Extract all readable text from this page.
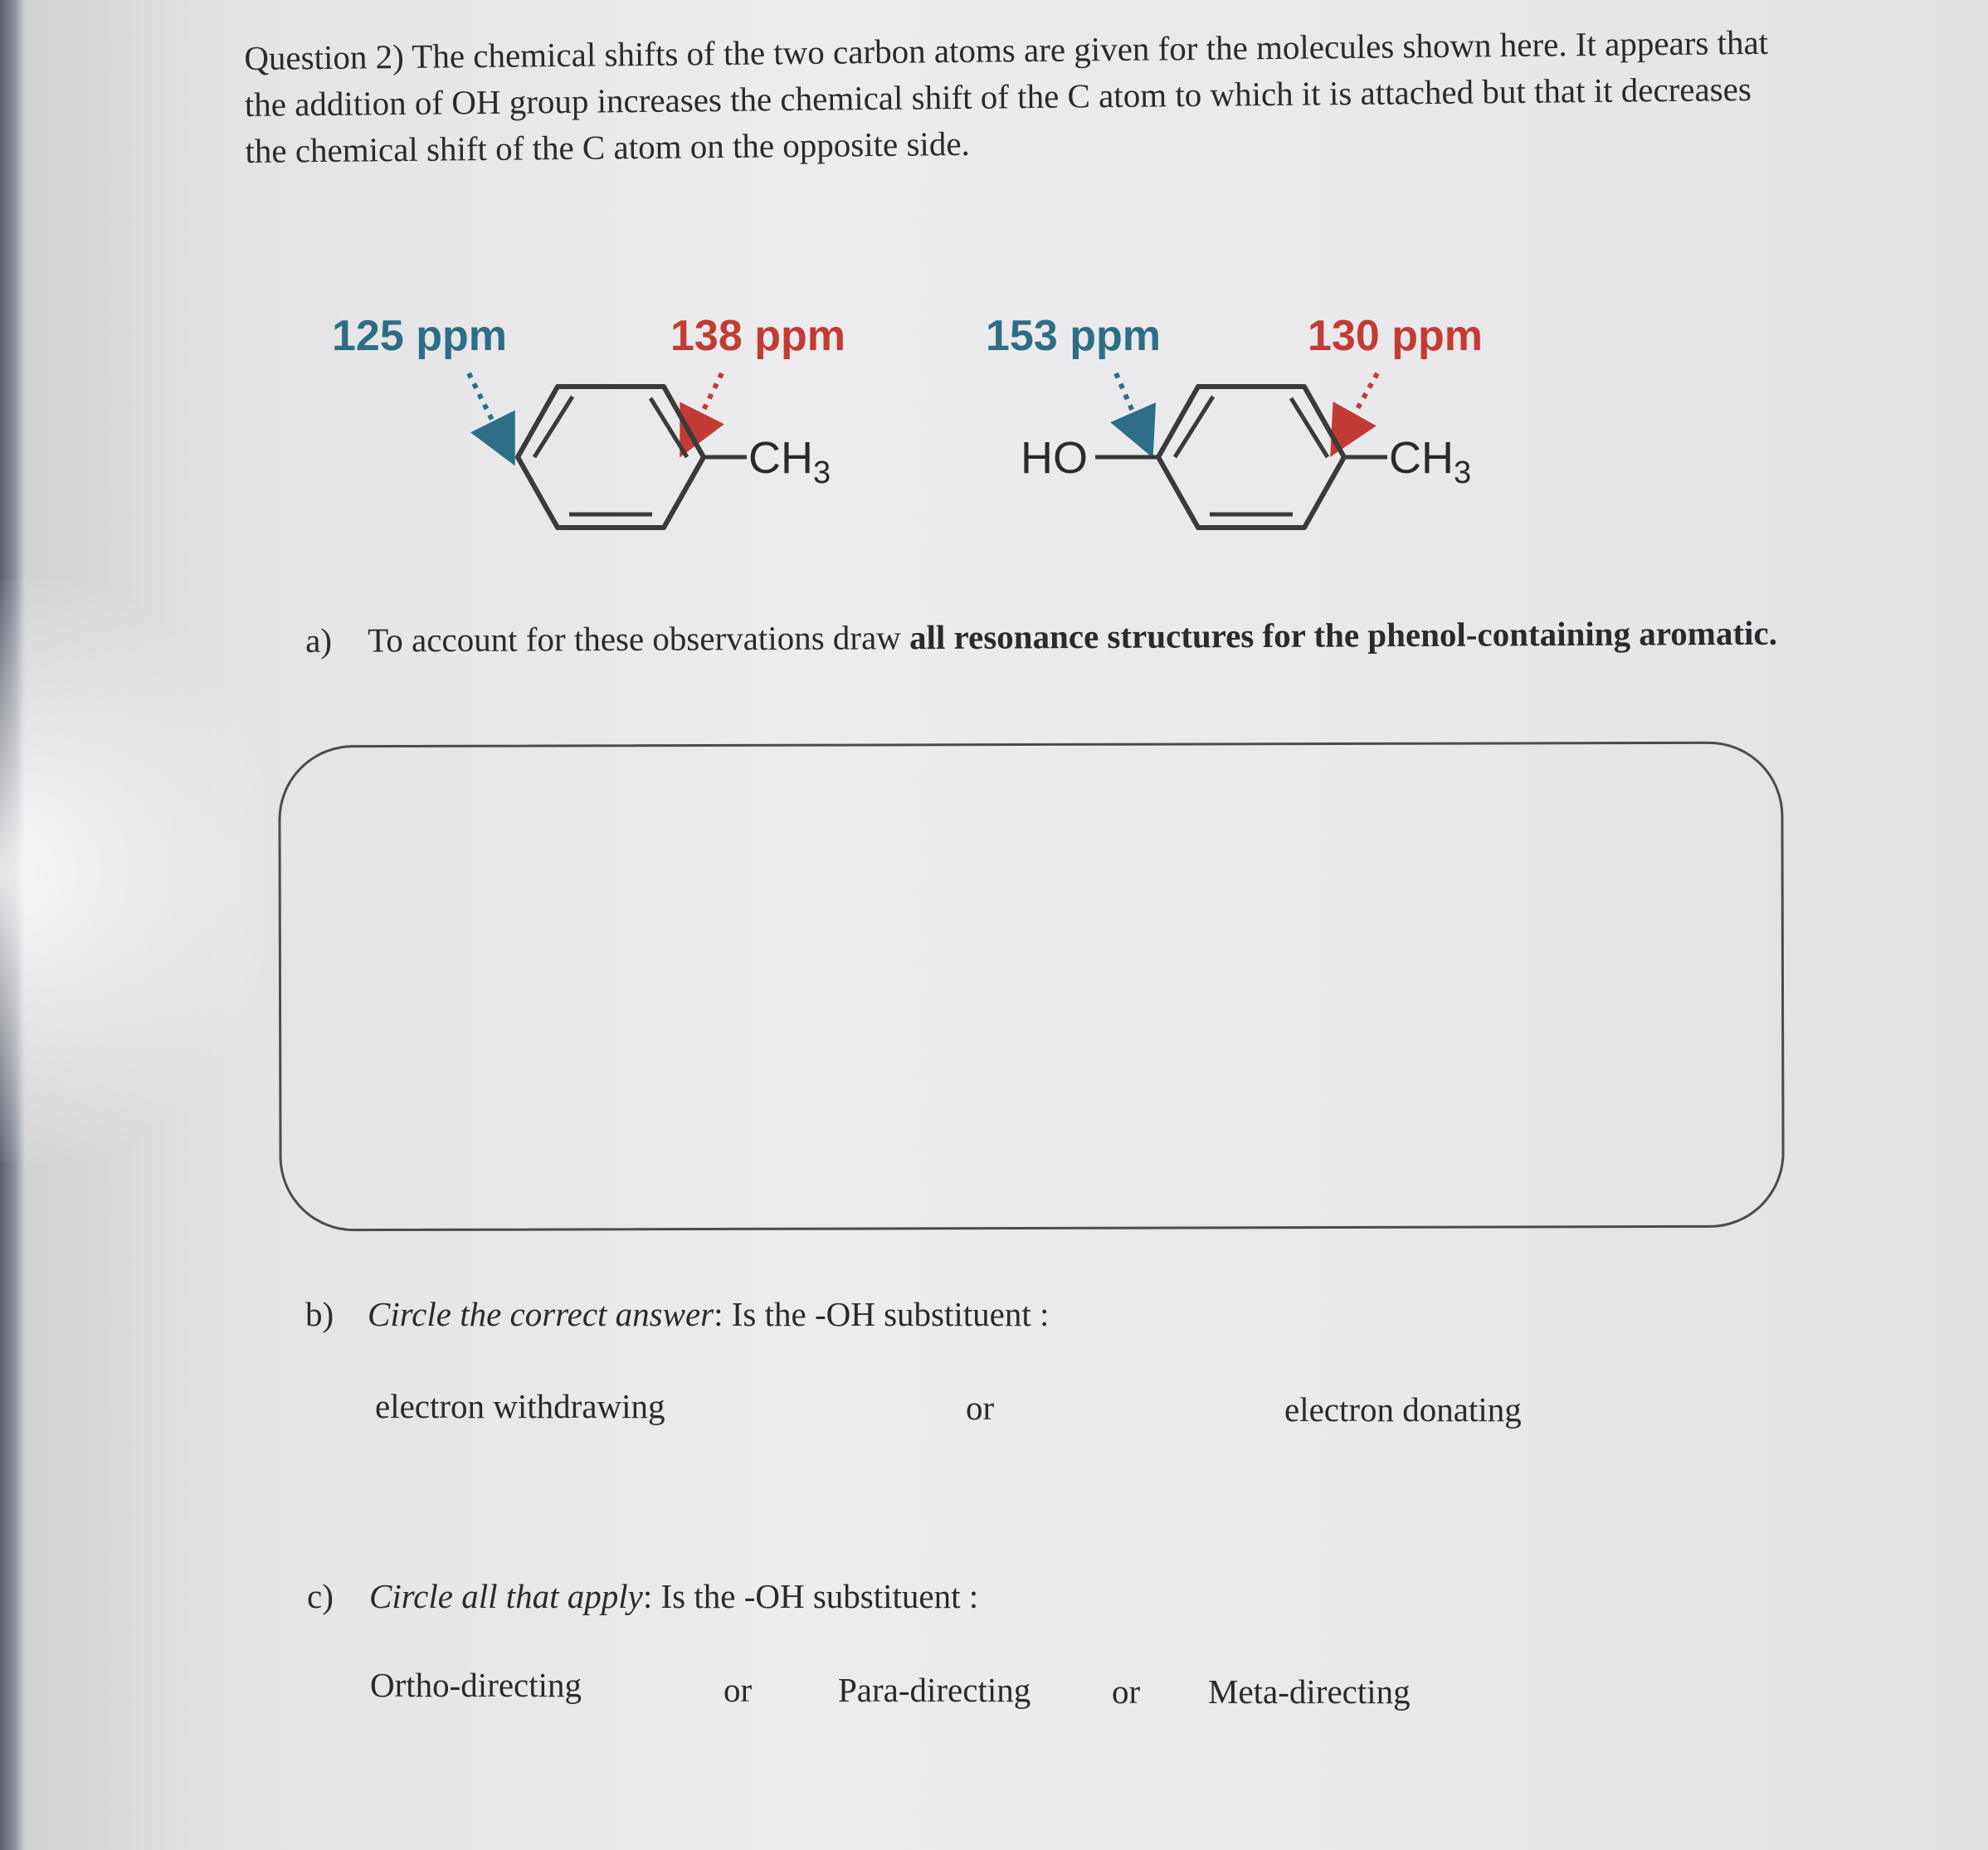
Question 2) The chemical shifts of the two carbon atoms are given for the molecules shown here. It appears that the addition of OH group increases the chemical shift of the C atom to which it is attached but that it decreases the chemical shift of the C atom on the opposite side.
125 ppm	138 ppm
$CH_3$
153 ppm	130 ppm
HO	$CH_3$
a) To account for these observations draw all resonance structures for the phenol-containing aromatic.
b) Circle the correct answer: Is the -OH substituent :
electron withdrawing	or	electron donating
c) Circle all that apply: Is the -OH substituent :
Ortho-directing	or	Para-directing or Meta-directing
